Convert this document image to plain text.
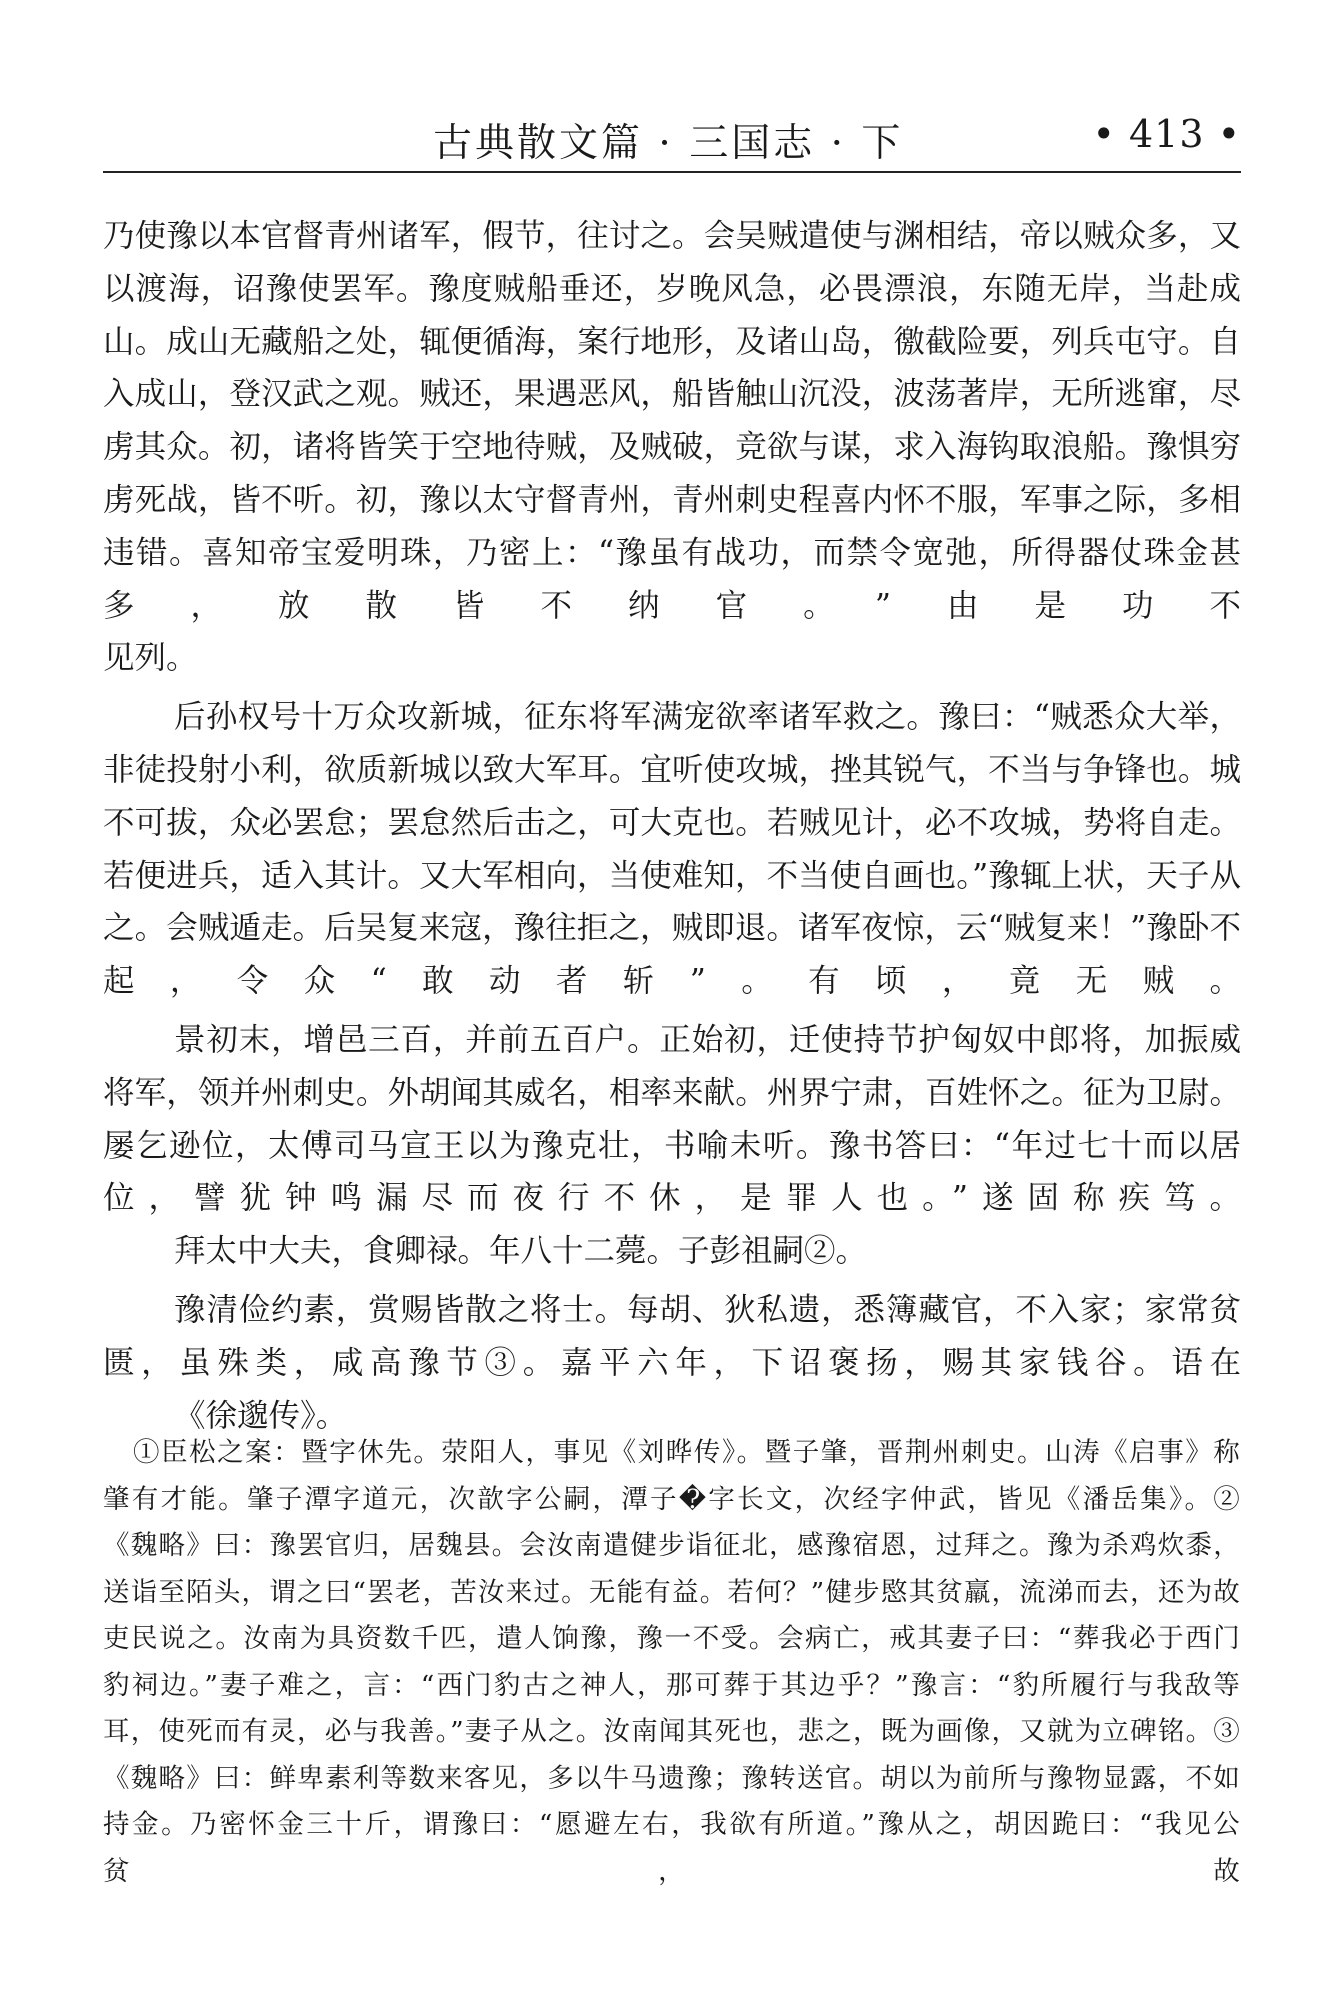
古典散文篇 · 三国志 · 下	• 413 •

乃使豫以本官督青州诸军，假节，往讨之。会吴贼遣使与渊相结，帝以贼众多，又以渡海，诏豫使罢军。豫度贼船垂还，岁晚风急，必畏漂浪，东随无岸，当赴成山。成山无藏船之处，辄便循海，案行地形，及诸山岛，徼截险要，列兵屯守。自入成山，登汉武之观。贼还，果遇恶风，船皆触山沉没，波荡著岸，无所逃窜，尽虏其众。初，诸将皆笑于空地待贼，及贼破，竞欲与谋，求入海钩取浪船。豫惧穷虏死战，皆不听。初，豫以太守督青州，青州刺史程喜内怀不服，军事之际，多相违错。喜知帝宝爱明珠，乃密上：“豫虽有战功，而禁令宽弛，所得器仗珠金甚多，放散皆不纳官。”由是功不
见列。

后孙权号十万众攻新城，征东将军满宠欲率诸军救之。豫曰：“贼悉众大举，非徒投射小利，欲质新城以致大军耳。宜听使攻城，挫其锐气，不当与争锋也。城不可拔，众必罢怠；罢怠然后击之，可大克也。若贼见计，必不攻城，势将自走。若便进兵，适入其计。又大军相向，当使难知，不当使自画也。”豫辄上状，天子从之。会贼遁走。后吴复来寇，豫往拒之，贼即退。诸军夜惊，云“贼复来！”豫卧不起，令众“敢动者斩”。有顷，竟无贼。

景初末，增邑三百，并前五百户。正始初，迁使持节护匈奴中郎将，加振威将军，领并州刺史。外胡闻其威名，相率来献。州界宁肃，百姓怀之。征为卫尉。屡乞逊位，太傅司马宣王以为豫克壮，书喻未听。豫书答曰：“年过七十而以居位，譬犹钟鸣漏尽而夜行不休，是罪人也。”遂固称疾笃。
拜太中大夫，食卿禄。年八十二薨。子彭祖嗣②。

豫清俭约素，赏赐皆散之将士。每胡、狄私遗，悉簿藏官，不入家；家常贫匮，虽殊类，咸高豫节③。嘉平六年，下诏褒扬，赐其家钱谷。语在
《徐邈传》。

①臣松之案：暨字休先。荥阳人，事见《刘晔传》。暨子肇，晋荆州刺史。山涛《启事》称肇有才能。肇子潭字道元，次歆字公嗣，潭子�字长文，次经字仲武，皆见《潘岳集》。②《魏略》曰：豫罢官归，居魏县。会汝南遣健步诣征北，感豫宿恩，过拜之。豫为杀鸡炊黍，送诣至陌头，谓之曰“罢老，苦汝来过。无能有益。若何？”健步愍其贫羸，流涕而去，还为故吏民说之。汝南为具资数千匹，遣人饷豫，豫一不受。会病亡，戒其妻子曰：“葬我必于西门豹祠边。”妻子难之，言：“西门豹古之神人，那可葬于其边乎？”豫言：“豹所履行与我敌等耳，使死而有灵，必与我善。”妻子从之。汝南闻其死也，悲之，既为画像，又就为立碑铭。③《魏略》曰：鲜卑素利等数来客见，多以牛马遗豫；豫转送官。胡以为前所与豫物显露，不如持金。乃密怀金三十斤，谓豫曰：“愿避左右，我欲有所道。”豫从之，胡因跪曰：“我见公贫，故
